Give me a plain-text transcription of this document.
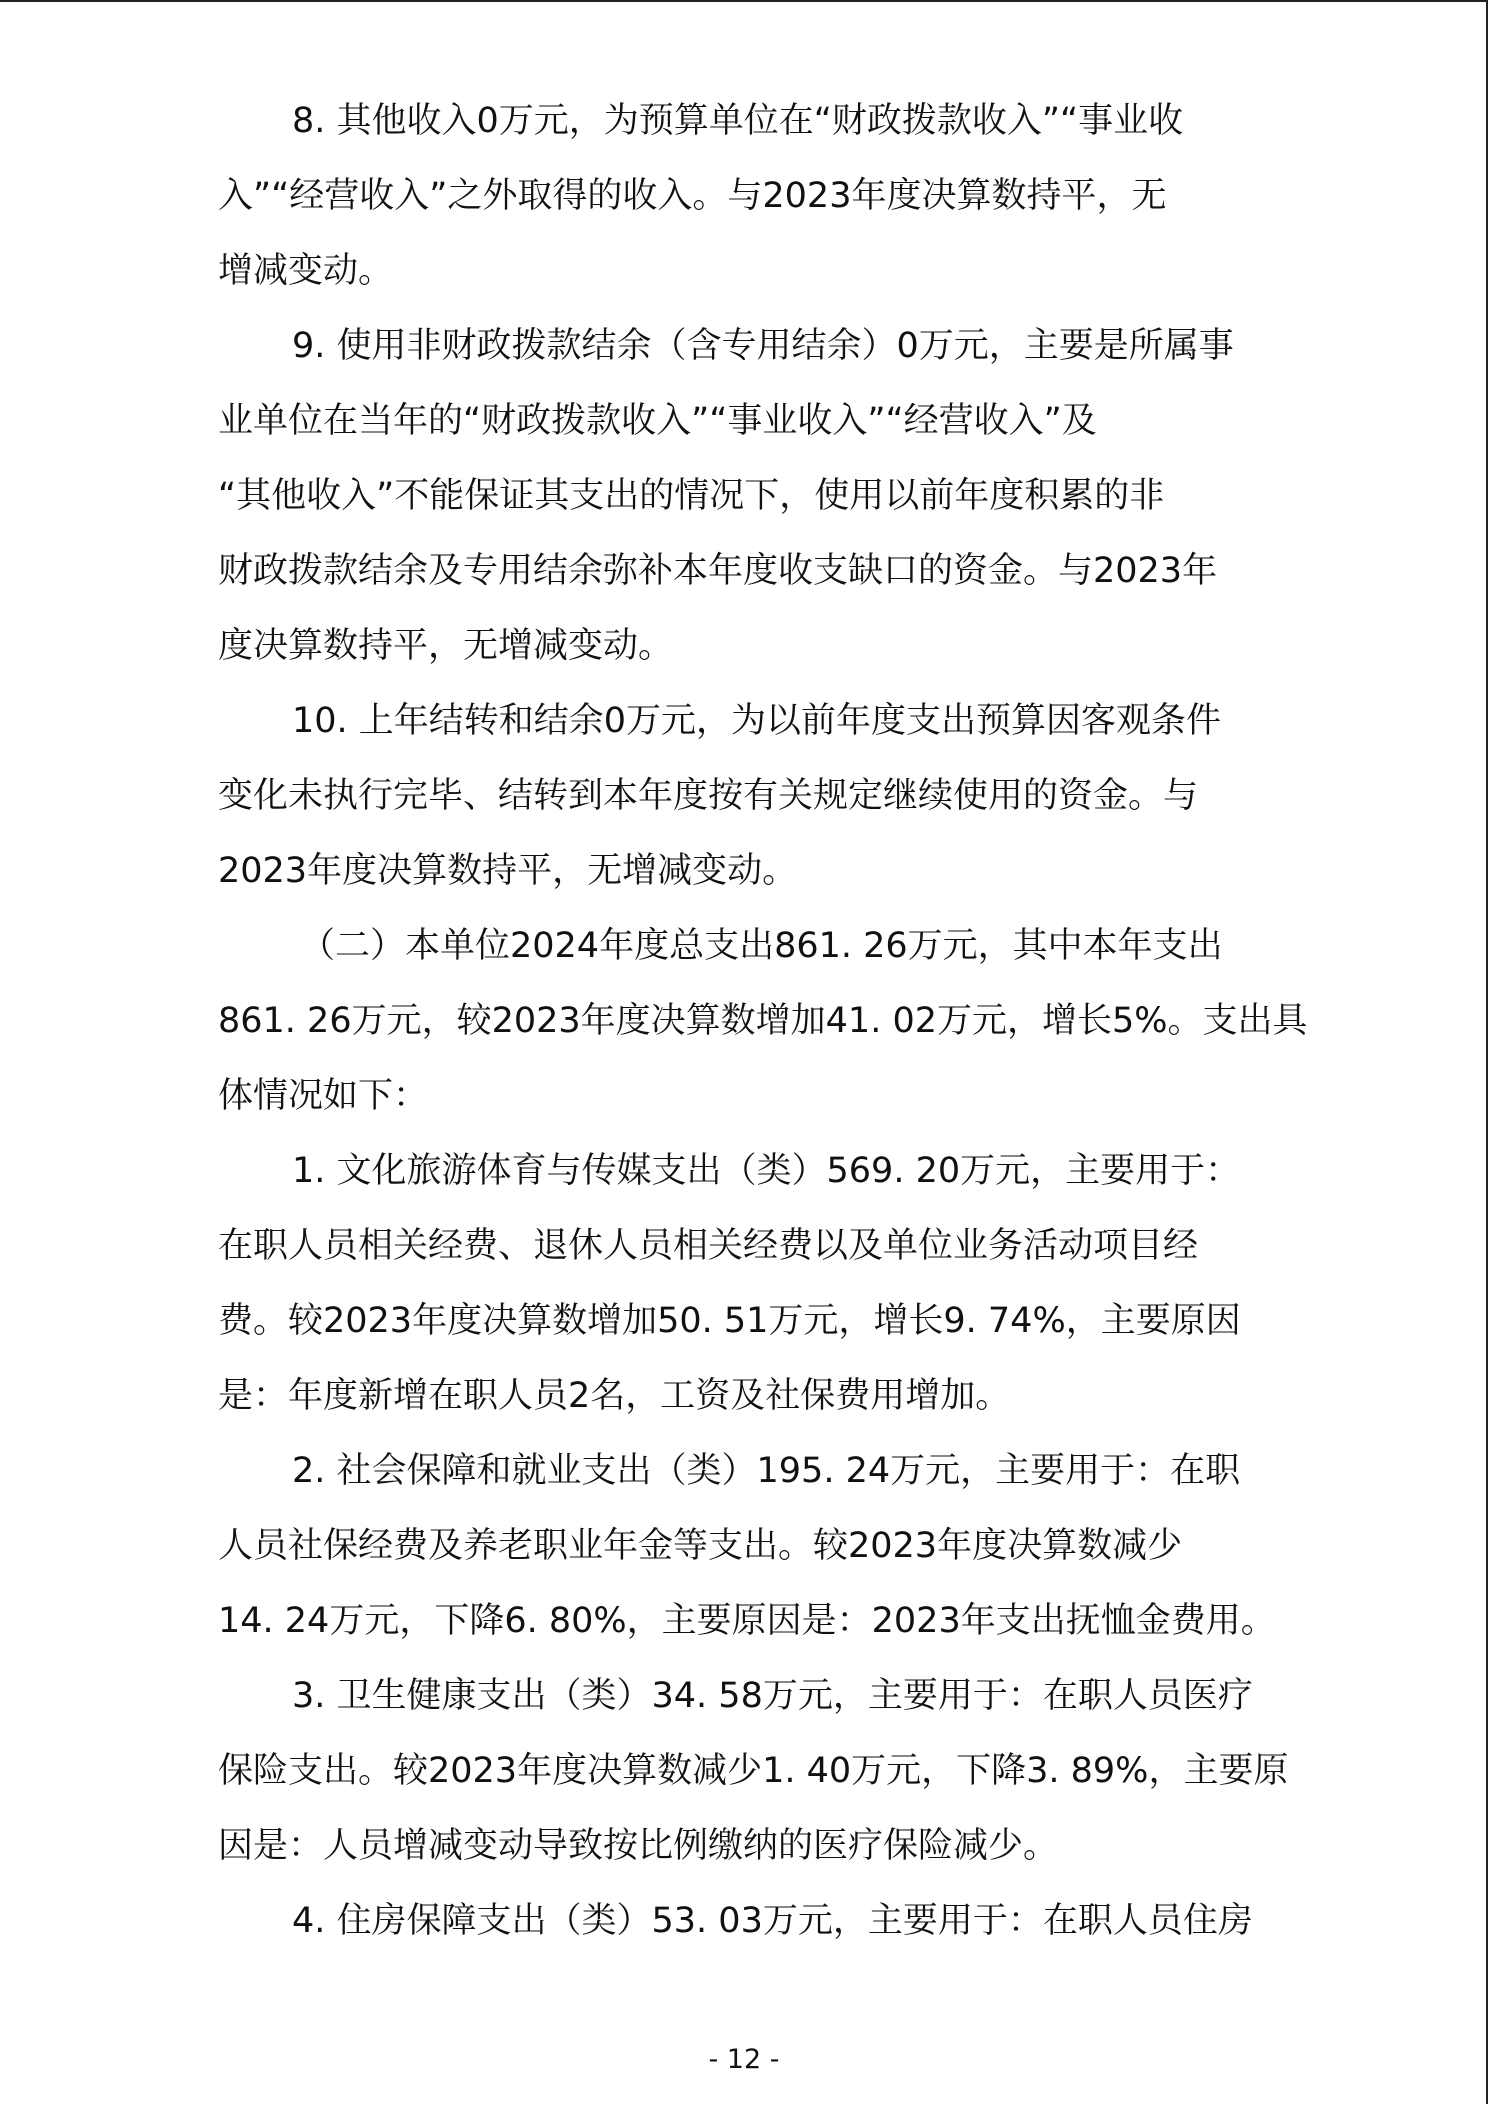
8. 其他收入0万元，为预算单位在“财政拨款收入”“事业收
入”“经营收入”之外取得的收入。与2023年度决算数持平，无
增减变动。
9. 使用非财政拨款结余（含专用结余）0万元，主要是所属事
业单位在当年的“财政拨款收入”“事业收入”“经营收入”及
“其他收入”不能保证其支出的情况下，使用以前年度积累的非
财政拨款结余及专用结余弥补本年度收支缺口的资金。与2023年
度决算数持平，无增减变动。
10. 上年结转和结余0万元，为以前年度支出预算因客观条件
变化未执行完毕、结转到本年度按有关规定继续使用的资金。与
2023年度决算数持平，无增减变动。
（二）本单位2024年度总支出861. 26万元，其中本年支出
861. 26万元，较2023年度决算数增加41. 02万元，增长5%。支出具
体情况如下：
1. 文化旅游体育与传媒支出（类）569. 20万元，主要用于：
在职人员相关经费、退休人员相关经费以及单位业务活动项目经
费。较2023年度决算数增加50. 51万元，增长9. 74%，主要原因
是：年度新增在职人员2名，工资及社保费用增加。
2. 社会保障和就业支出（类）195. 24万元，主要用于：在职
人员社保经费及养老职业年金等支出。较2023年度决算数减少
14. 24万元，下降6. 80%，主要原因是：2023年支出抚恤金费用。
3. 卫生健康支出（类）34. 58万元，主要用于：在职人员医疗
保险支出。较2023年度决算数减少1. 40万元，下降3. 89%，主要原
因是：人员增减变动导致按比例缴纳的医疗保险减少。
4. 住房保障支出（类）53. 03万元，主要用于：在职人员住房
- 12 -
